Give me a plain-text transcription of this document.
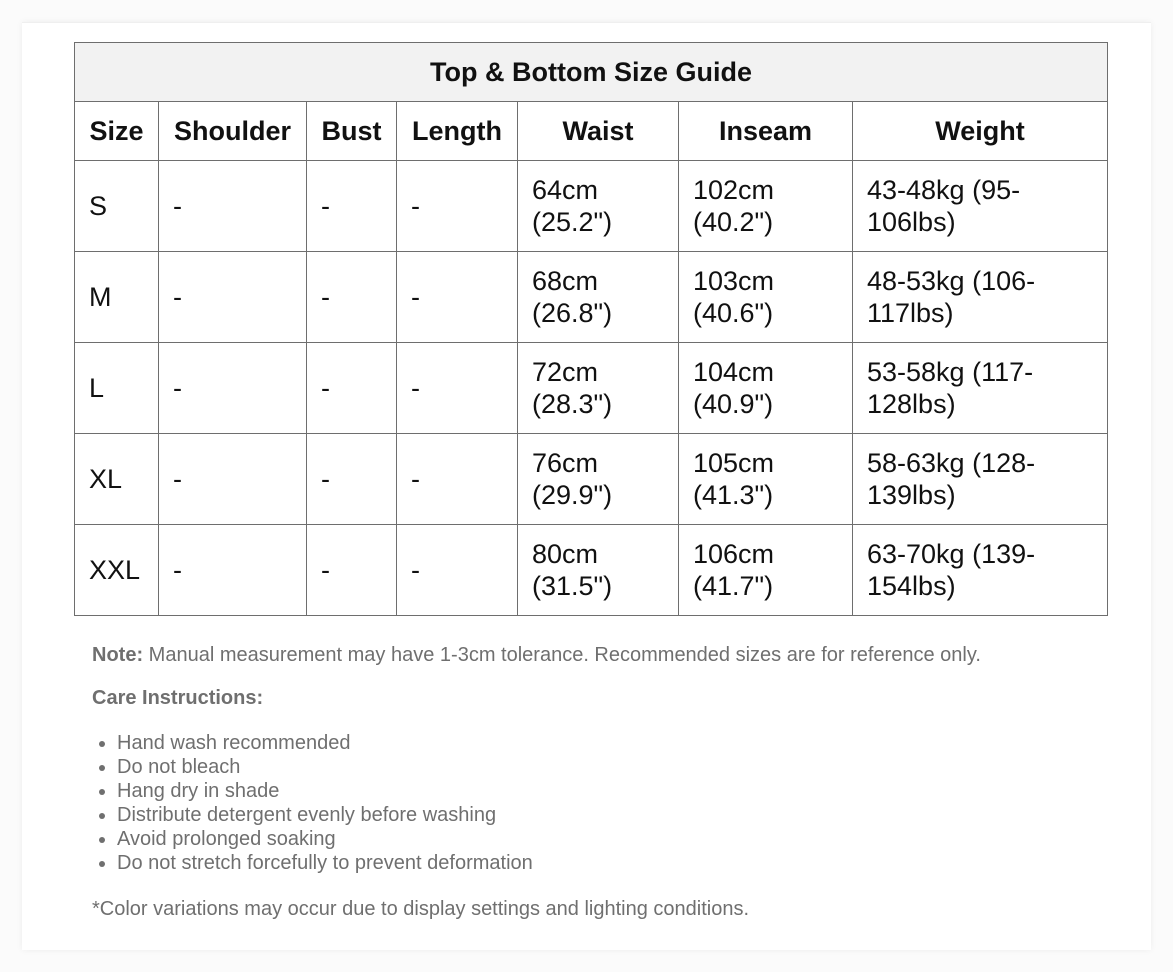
Top & Bottom Size Guide						
Size	Shoulder	Bust	Length	Waist	Inseam	Weight
S	-	-	-	64cm (25.2")	102cm (40.2")	43-48kg (95-106lbs)
M	-	-	-	68cm (26.8")	103cm (40.6")	48-53kg (106-117lbs)
L	-	-	-	72cm (28.3")	104cm (40.9")	53-58kg (117-128lbs)
XL	-	-	-	76cm (29.9")	105cm (41.3")	58-63kg (128-139lbs)
XXL	-	-	-	80cm (31.5")	106cm (41.7")	63-70kg (139-154lbs)

Note: Manual measurement may have 1-3cm tolerance. Recommended sizes are for reference only.

Care Instructions:

• Hand wash recommended
• Do not bleach
• Hang dry in shade
• Distribute detergent evenly before washing
• Avoid prolonged soaking
• Do not stretch forcefully to prevent deformation

*Color variations may occur due to display settings and lighting conditions.
